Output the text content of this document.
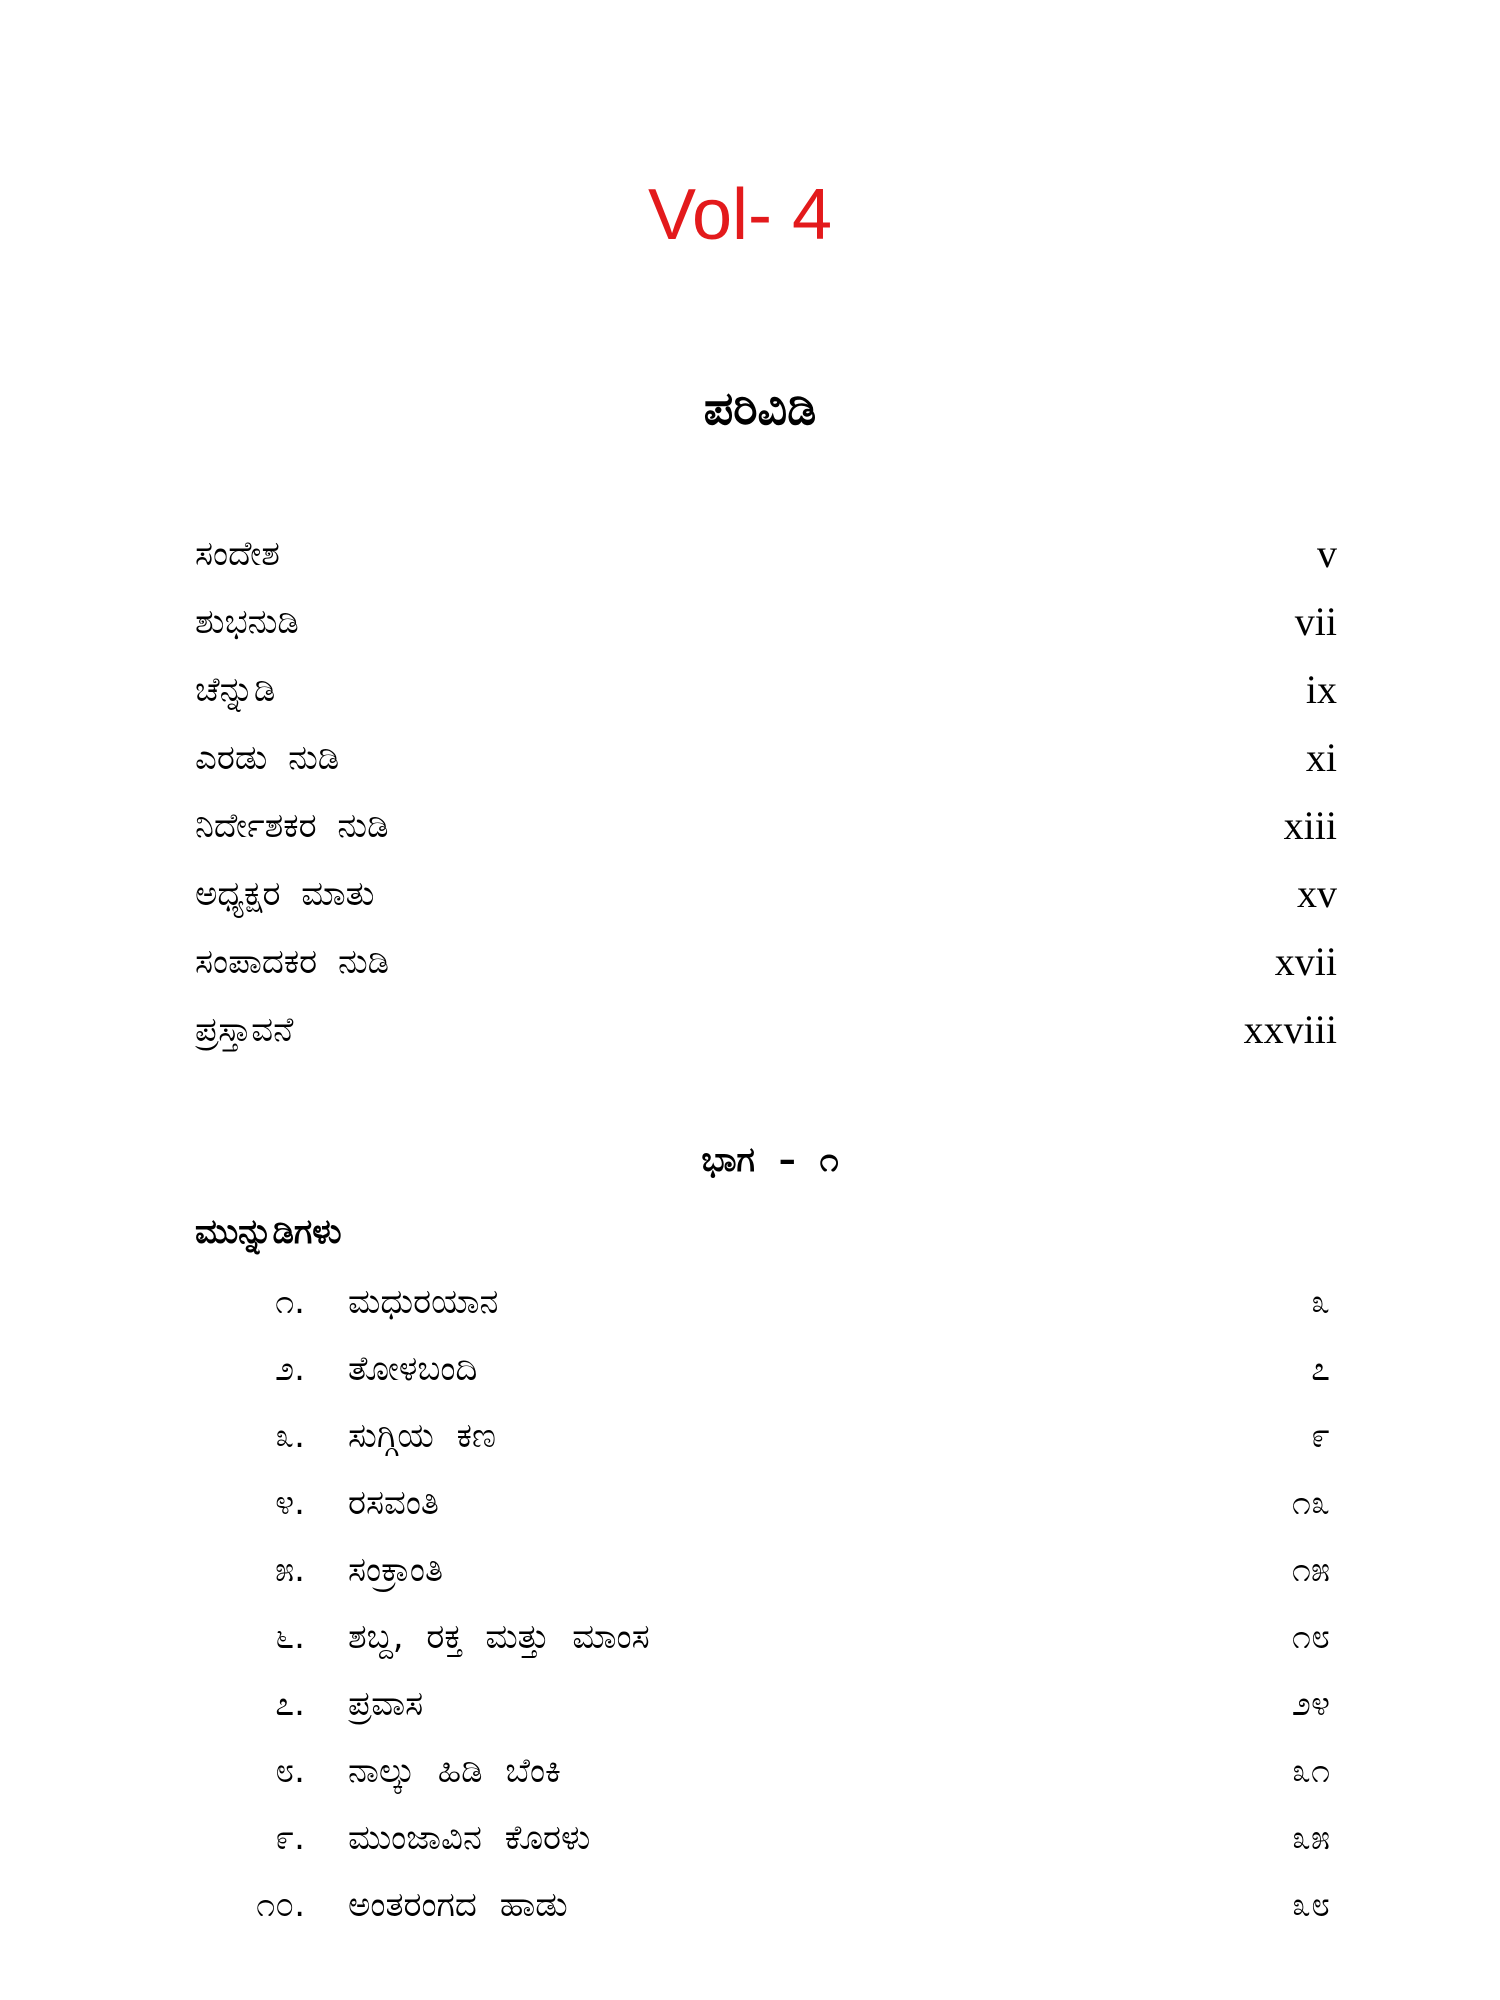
Vol- 4
ಪರಿವಿಡಿ
ಸಂದೇಶ	v
ಶುಭನುಡಿ	vii
ಚೆನ್ನುಡಿ	ix
ಎರಡು ನುಡಿ	xi
ನಿರ್ದೇಶಕರ ನುಡಿ	xiii
ಅಧ್ಯಕ್ಷರ ಮಾತು	xv
ಸಂಪಾದಕರ ನುಡಿ	xvii
ಪ್ರಸ್ತಾವನೆ	xxviii
ಭಾಗ – ೧
ಮುನ್ನುಡಿಗಳು
೧. ಮಧುರಯಾನ	೩
೨. ತೋಳಬಂದಿ	೭
೩. ಸುಗ್ಗಿಯ ಕಣ	೯
೪. ರಸವಂತಿ	೧೩
೫. ಸಂಕ್ರಾಂತಿ	೧೫
೬. ಶಬ್ದ, ರಕ್ತ ಮತ್ತು ಮಾಂಸ	೧೮
೭. ಪ್ರವಾಸ	೨೪
೮. ನಾಲ್ಕು ಹಿಡಿ ಬೆಂಕಿ	೩೧
೯. ಮುಂಜಾವಿನ ಕೊರಳು	೩೫
೧೦. ಅಂತರಂಗದ ಹಾಡು	೩೮
